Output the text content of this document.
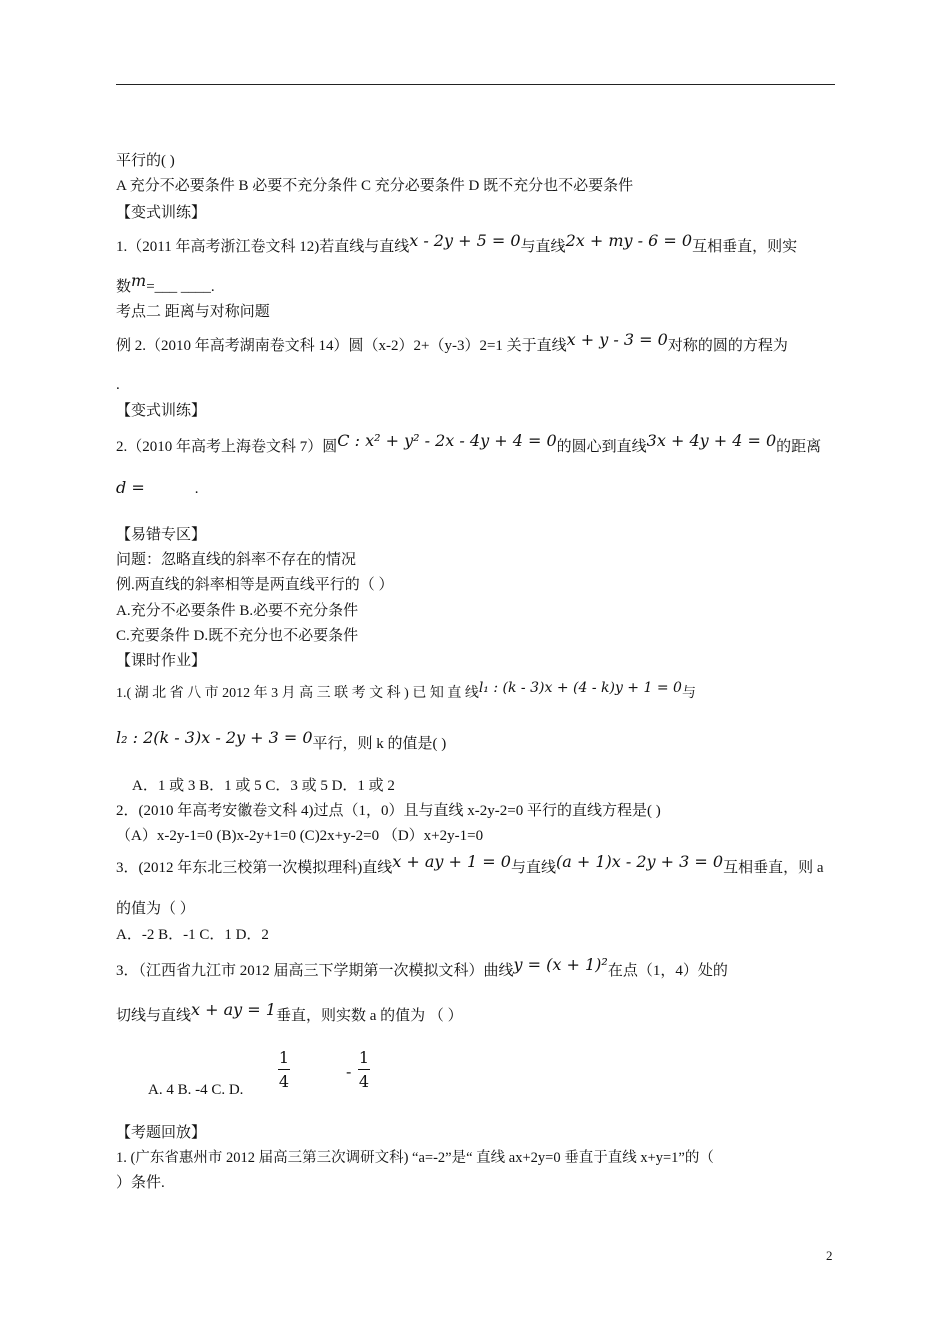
平行的( )
A 充分不必要条件 B 必要不充分条件 C 充分必要条件 D 既不充分也不必要条件
【变式训练】
1.（2011 年高考浙江卷文科 12)若直线与直线x - 2y + 5 = 0与直线2x + my - 6 = 0互相垂直，则实
数m=___ ____.
考点二 距离与对称问题
例 2.（2010 年高考湖南卷文科 14）圆（x-2）2+（y-3）2=1 关于直线x + y - 3 = 0对称的圆的方程为
.
【变式训练】
2.（2010 年高考上海卷文科 7）圆C : x² + y² - 2x - 4y + 4 = 0的圆心到直线3x + 4y + 4 = 0的距离
d =	.
【易错专区】
问题：忽略直线的斜率不存在的情况
例.两直线的斜率相等是两直线平行的（ ）
A.充分不必要条件 B.必要不充分条件
C.充要条件 D.既不充分也不必要条件
【课时作业】
1.( 湖 北 省 八 市 2012 年 3 月 高 三 联 考 文 科 ) 已 知 直 线l₁ : (k - 3)x + (4 - k)y + 1 = 0与
l₂ : 2(k - 3)x - 2y + 3 = 0平行，则 k 的值是( )
A．1 或 3 B．1 或 5 C．3 或 5 D．1 或 2
2．(2010 年高考安徽卷文科 4)过点（1，0）且与直线 x-2y-2=0 平行的直线方程是( )
（A）x-2y-1=0 (B)x-2y+1=0 (C)2x+y-2=0 （D）x+2y-1=0
3．(2012 年东北三校第一次模拟理科)直线x + ay + 1 = 0与直线(a + 1)x - 2y + 3 = 0互相垂直，则 a
的值为（ ）
A．-2 B．-1 C．1 D．2
3．（江西省九江市 2012 届高三下学期第一次模拟文科）曲线y = (x + 1)²在点（1，4）处的
切线与直线x + ay = 1垂直，则实数 a 的值为 （ ）
A. 4 B. -4 C. D.
1
4
-
1
4
【考题回放】
1. (广东省惠州市 2012 届高三第三次调研文科) “a=-2”是“ 直线 ax+2y=0 垂直于直线 x+y=1”的（
）条件.
2
